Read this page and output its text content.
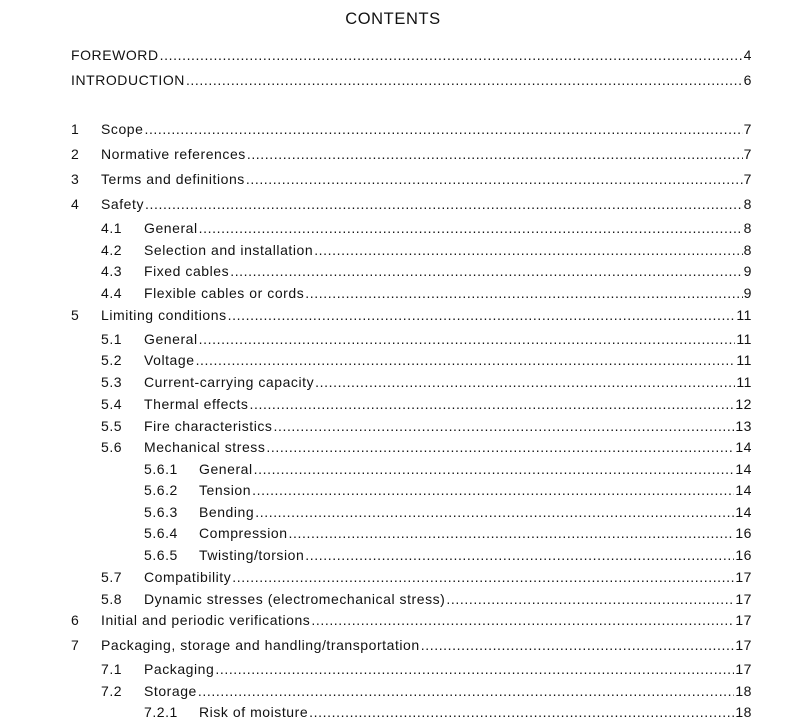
CONTENTS
FOREWORD .....	4
INTRODUCTION .....	6
1	Scope .....	7
2	Normative references .....	7
3	Terms and definitions .....	7
4	Safety .....	8
4.1	General .....	8
4.2	Selection and installation .....	8
4.3	Fixed cables .....	9
4.4	Flexible cables or cords .....	9
5	Limiting conditions .....	11
5.1	General .....	11
5.2	Voltage .....	11
5.3	Current-carrying capacity .....	11
5.4	Thermal effects .....	12
5.5	Fire characteristics .....	13
5.6	Mechanical stress .....	14
5.6.1	General .....	14
5.6.2	Tension .....	14
5.6.3	Bending .....	14
5.6.4	Compression .....	16
5.6.5	Twisting/torsion .....	16
5.7	Compatibility .....	17
5.8	Dynamic stresses (electromechanical stress) .....	17
6	Initial and periodic verifications .....	17
7	Packaging, storage and handling/transportation .....	17
7.1	Packaging .....	17
7.2	Storage .....	18
7.2.1	Risk of moisture .....	18
